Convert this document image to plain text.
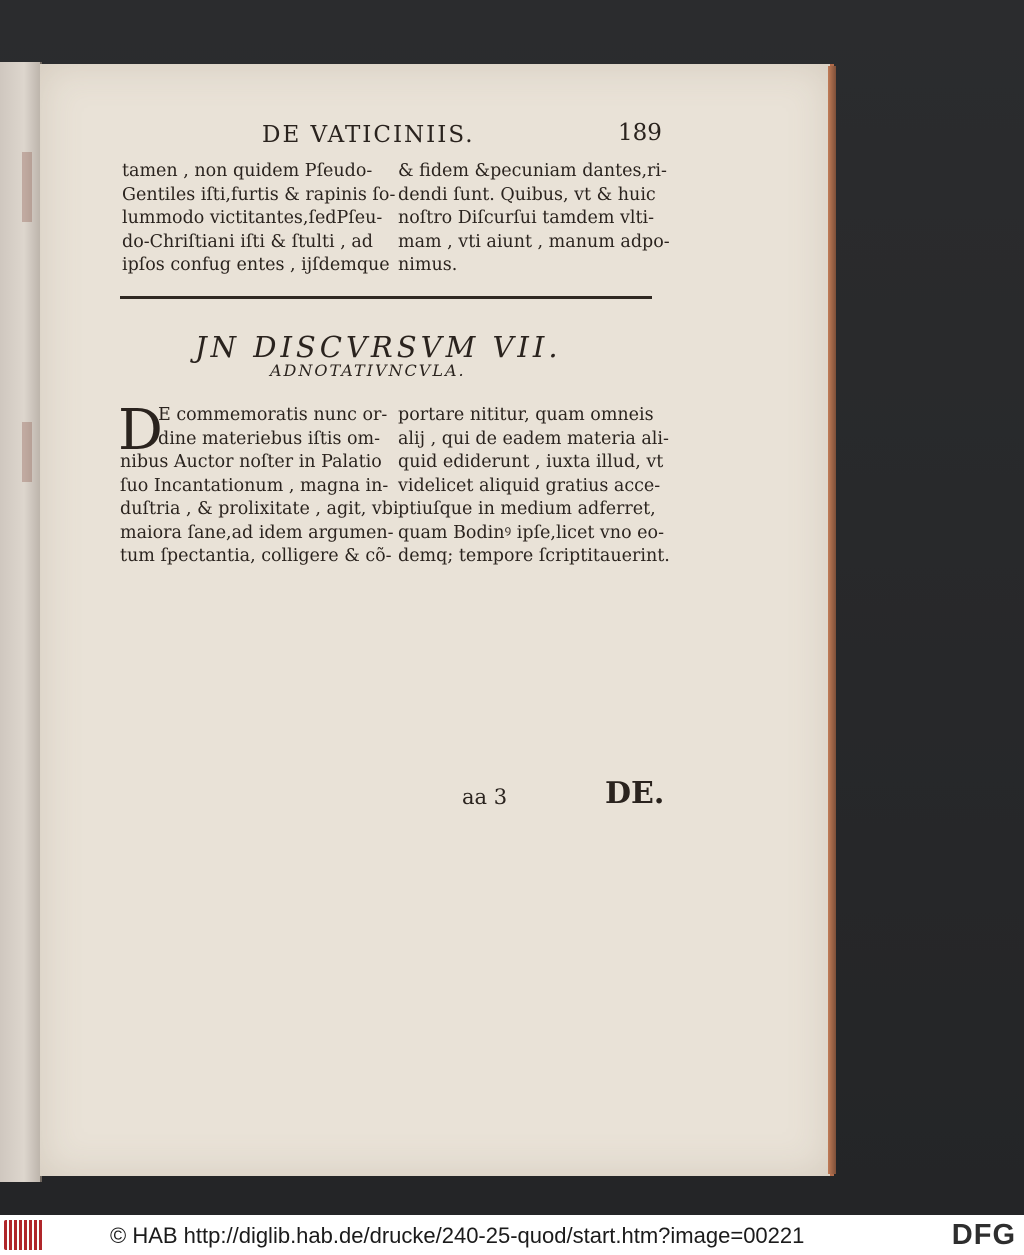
DE VATICINIIS.	189
tamen , non quidem Pſeudo-
Gentiles iſti,furtis & rapinis ſo-
lummodo victitantes,ſedPſeu-
do-Chriſtiani iſti & ſtulti , ad
ipſos confug entes , ijſdemque
& fidem &pecuniam dantes,ri-
dendi ſunt. Quibus, vt & huic
noſtro Diſcurſui tamdem vlti-
mam , vti aiunt , manum adpo-
nimus.
JN DISCVRSVM VII.
ADNOTATIVNCVLA.
D
E commemoratis nunc or-
dine materiebus iſtis om-
nibus Auctor noſter in Palatio
ſuo Incantationum , magna in-
duſtria , & prolixitate , agit, vbi
maiora ſane,ad idem argumen-
tum ſpectantia, colligere & cõ-
portare nititur, quam omneis
alij , qui de eadem materia ali-
quid ediderunt , iuxta illud, vt
videlicet aliquid gratius acce-
ptiuſque in medium adferret,
quam Bodinꝰ ipſe,licet vno eo-
demq; tempore ſcriptitauerint.
aa 3	DE.
© HAB http://diglib.hab.de/drucke/240-25-quod/start.htm?image=00221	DFG
